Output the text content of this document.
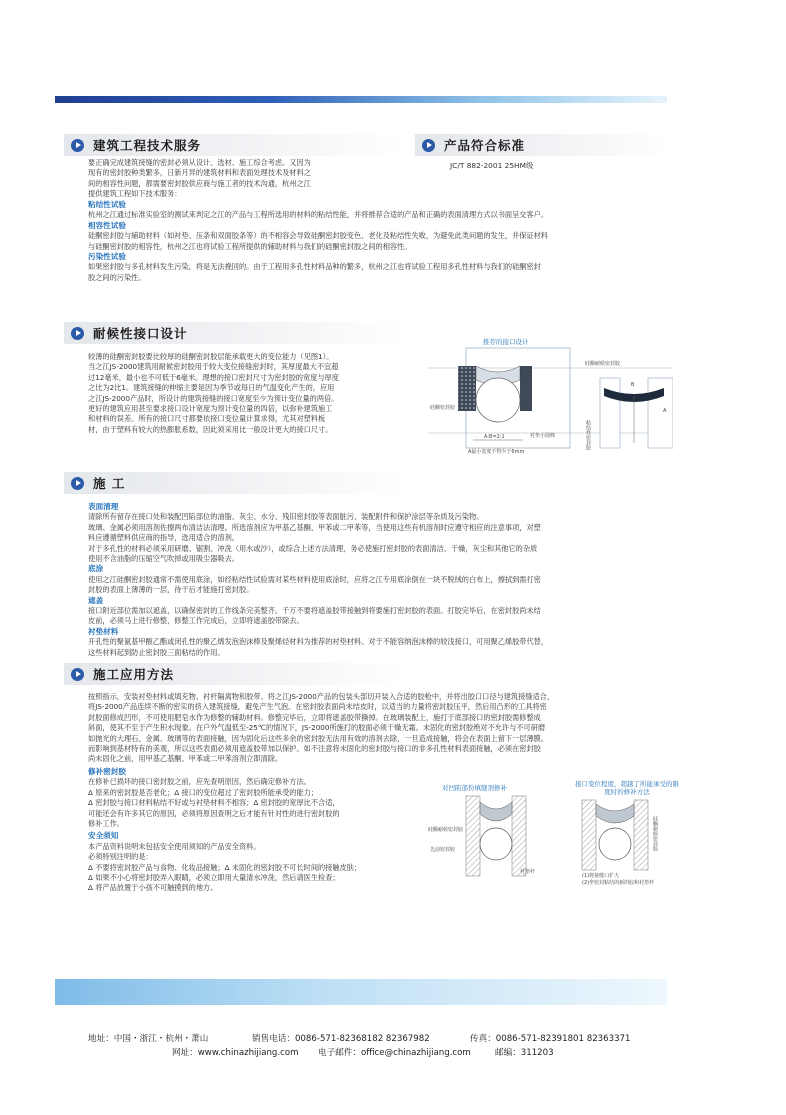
建筑工程技术服务	产品符合标准
JC/T 882-2001 25HM级

要正确完成建筑接缝的密封必须从设计、选材、施工综合考虑。又因为

现有的密封胶种类繁多，日新月异的建筑材料和表面处理技术及材料之

间的相容性问题，都需要密封胶供应商与施工者的技术沟通，杭州之江

提供建筑工程如下技术服务：

粘结性试验

杭州之江通过标准实验室的测试来判定之江的产品与工程所选用的材料的粘结性能，并将推荐合适的产品和正确的表面清理方式以书面呈交客户。

相容性试验

硅酮密封胶与辅助材料（如衬垫、压条和双面胶条等）的不相容会导致硅酮密封胶变色、老化及粘结性失败，为避免此类问题的发生，并保证材料

与硅酮密封胶的相容性，杭州之江也将试验工程所提供的辅助材料与我们的硅酮密封胶之间的相容性。

污染性试验

如果密封胶与多孔材料发生污染，将是无法挽回的。由于工程用多孔性材料品种的繁多，杭州之江也将试验工程用多孔性材料与我们的硅酮密封

胶之间的污染性。

耐候性接口设计

较薄的硅酮密封胶要比较厚的硅酮密封胶层能承载更大的变位能力（见图1）。

当之江JS-2000建筑用耐候密封胶用于较大变位接缝密封时，其厚度最大不宜超

过12毫米，最小也不可低于6毫米。理想的接口密封尺寸为密封胶的宽度与厚度

之比为2比1。建筑接缝的伸缩主要是因为季节或每日的气温变化产生的，应用

之江JS-2000产品时，所设计的建筑接缝的接口宽度至少为预计变位量的两倍。

更好的建筑应用甚至要求接口设计宽度为预计变位量的四倍，以弥补建筑施工

和材料的误差。所有的接口尺寸都要依接口变位量计算求得，尤其对塑料板

材，由于塑料有较大的热膨胀系数，因此须采用比一般设计更大的接口尺寸。

推荐的接口设计
硅酮耐候密封胶
衬垫小圆棒
硅酮密封胶
A:B=2:1
A最小宽度不得少于6mm
B
A
粘结性密封胶
施 工

表面清理

清除所有留存在接口处和装配凹陷部位的油脂、灰尘、水分、残旧密封胶等表面脏污、装配附件和保护涂层等杂质及污染物。

玻璃、金属必须用溶剂佐擦两布清洁法清理。所选溶剂应为甲基乙基酮、甲苯或二甲苯等，当使用这些有机溶剂时应遵守相应的注意事项，对塑

料应遵循塑料供应商的指导，选用适合的溶剂。

对于多孔性的材料必须采用研磨、锯割、冲洗（用水或沙），或综合上述方法清理，务必使施打密封胶的表面清洁、干燥，灰尘和其他它的杂质

使用不含油脂的压缩空气吹掉或用吸尘器吸去。

底涂

使用之江硅酮密封胶通常不需使用底涂，如经粘结性试验需对某些材料使用底涂时，应将之江专用底涂倒在一块不脱绒的白布上，擦拭到需打密

封胶的表面上薄薄的一层，待干后才能施打密封胶。

遮盖

接口附近部位需加以遮盖，以确保密封的工作线条完美整齐。千万不要将遮盖胶带接触到将要施打密封胶的表面。打胶完毕后，在密封胶尚未结

皮前，必须马上进行修整，修整工作完成后，立即将遮盖胶带除去。

衬垫材料

开孔性的聚氨基甲酸乙酯或闭孔性的聚乙烯发泡泡沫棒及聚烯烃材料为推荐的衬垫材料。对于不能容纳泡沫棒的较浅接口，可用聚乙烯胶带代替，

这些材料起到防止密封胶三面粘结的作用。

施工应用方法

按照指示，安装衬垫材料或填充物、衬杆隔离物和胶带。将之江JS-2000产品的包装头部切开装入合适的胶枪中，并将出胶口口径与建筑接缝适合，

将JS-2000产品连续不断的密实的挤入建筑接缝，避免产生气泡。在密封胶表面尚未结皮时，以适当的力量将密封胶压平，然后用凸形的工具将密

封胶面修成凹形，不可使用肥皂水作为修整的辅助材料。修整完毕后，立即将遮盖胶带撕掉。在玻璃装配上，施打于底部接口的密封胶需修整成

斜面，使其不至于产生积水现象。在户外气温低至-25℃的情况下，JS-2000所施打的胶面必须干燥无霜。未固化的密封胶绝对不允许与不可研磨

如抛光的大理石、金属、玻璃等的表面接触，因为固化后这些多余的密封胶无法用有效的溶剂去除，一旦造成接触，将会在表面上留下一层薄膜。

而影响到基材特有的美观，所以这些表面必须用遮盖胶带加以保护。如不注意将未固化的密封胶与接口的非多孔性材料表面接触，必须在密封胶

尚未固化之前，用甲基乙基酮、甲苯或二甲苯溶剂立即清除。

修补密封胶

在修补已损坏的接口密封胶之前，应先查明原因，然后确定修补方法。

Δ 原来的密封胶是否老化；Δ 接口的变位超过了密封胶所能承受的能力；

Δ 密封胶与接口材料粘结不好或与衬垫材料不相容；Δ 密封胶的宽厚比不合适，

可能还会有许多其它的原因，必须将原因查明之后才能有针对性的进行密封胶的

修补工作。

安全须知

本产品资料说明未包括安全使用须知的产品安全资料。

必须特别注明的是：

Δ 不要将密封胶产品与食物、化妆品接触；Δ 未固化的密封胶不可长时间的接触皮肤；

Δ 如果不小心将密封胶弄入眼睛，必须立即用大量清水冲洗，然后请医生检查；

Δ 将产品放置于小孩不可触摸到的地方。

对凹陷部份填缝剂修补
硅酮耐候密封胶
先前密封胶
衬垫杆
接口变位程度，超越了所能承受的限度时的修补方法
硅酮耐候密封胶
(1)将接缝口扩大
(2)坐密封粘结的新的胶和衬垫杆
地址：中国・浙江・杭州・萧山	销售电话：0086-571-82368182 82367982	传真：0086-571-82391801 82363371
网址：www.chinazhijiang.com 电子邮件：office@chinazhijiang.com	邮编：311203
